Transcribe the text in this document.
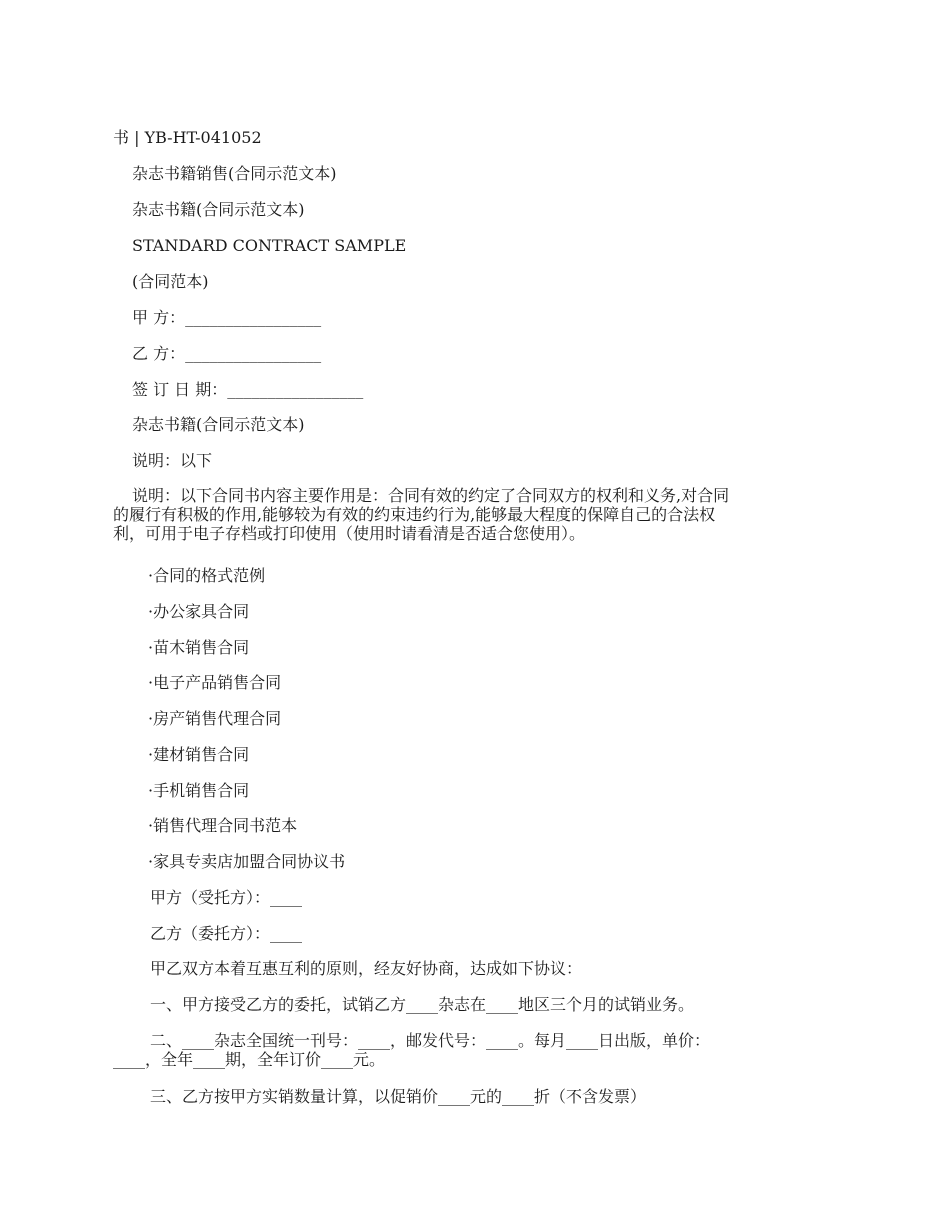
书 | YB-HT-041052
杂志书籍销售(合同示范文本)
杂志书籍(合同示范文本)
STANDARD CONTRACT SAMPLE
(合同范本)
甲 方：_________________
乙 方：_________________
签 订 日 期：_________________
杂志书籍(合同示范文本)
说明：以下
说明：以下合同书内容主要作用是：合同有效的约定了合同双方的权利和义务,对合同
的履行有积极的作用,能够较为有效的约束违约行为,能够最大程度的保障自己的合法权
利，可用于电子存档或打印使用（使用时请看清是否适合您使用）。
·合同的格式范例
·办公家具合同
·苗木销售合同
·电子产品销售合同
·房产销售代理合同
·建材销售合同
·手机销售合同
·销售代理合同书范本
·家具专卖店加盟合同协议书
甲方（受托方）：____
乙方（委托方）：____
甲乙双方本着互惠互利的原则，经友好协商，达成如下协议：
一、甲方接受乙方的委托，试销乙方____杂志在____地区三个月的试销业务。
二、____杂志全国统一刊号：____，邮发代号：____。每月____日出版，单价：
____，全年____期，全年订价____元。
三、乙方按甲方实销数量计算，以促销价____元的____折（不含发票）
